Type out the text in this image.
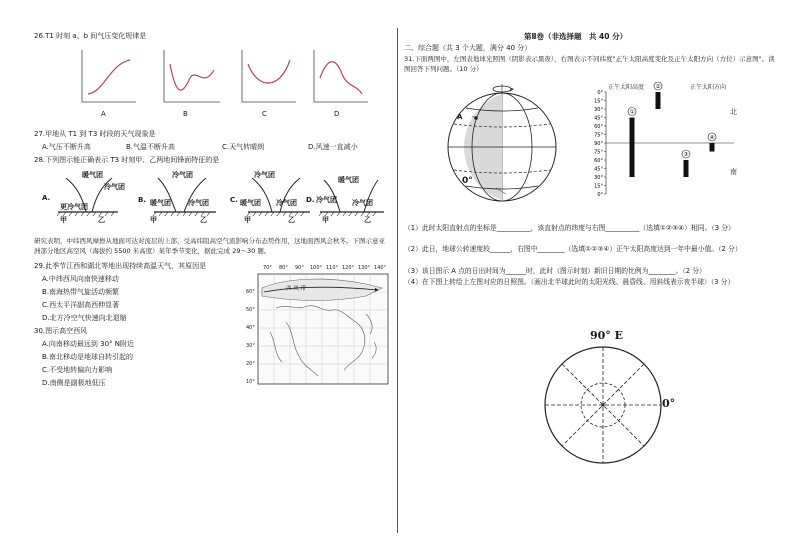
26.T1 时刻 a、b 间气压变化规律是
A	B	C	D
27.甲地从 T1 到 T3 时段的天气现象是
A.气压不断升高	B.气温不断升高	C.天气转晴朗	D.风速一直减小
28.下列图示能正确表示 T3 时刻甲、乙两地间锋面特征的是
A.	B.	C.	D.
暖气团
更冷气团
冷气团
甲	乙
冷气团
暖气团 冷气团
甲	乙
冷气团
暖气团 冷气团
甲	乙
暖气团
冷气团 冷气团
甲	乙
研究表明，中纬西风摩擦从地面可达对流层的上部，受高纬阻高空气流影响分布态势作用，这地面西风会秋冬。下图示意亚洲部分地区高空风（海拔约 5500 米高度）某年季节变化，据此完成 29～30 题。
29.此季节江西和湖北等地出现持续高温天气，其原因是
A.中纬西风向南快速移动
B.南海热带气旋活动频繁
C.西太平洋副高西伸显著
D.北方冷空气快速向北退缩
30.图示高空西风
A.向南移动最远到 30° N附近
B.南北移动是地球自转引起的
C.不受地转偏向力影响
D.南侧是副极地低压
西 风 带
70° 80° 90° 100° 110° 120° 130° 140°
60°
50°
40°
30°
20°
10°
第Ⅱ卷（非选择题　共 40 分）
二、综合题（共 3 个大题，满分 40 分）
31.下面两图中，左图表地球光照图（阴影表示黑夜），右图表示不同纬度"正午太阳高度变化及正午太阳方向（方位）示意图"。读图回答下列问题。（10 分）
A
0°
0°
15°
30°
45°
60°
75°
90°
75°
60°
45°
30°
15°
0°
①
②
③
④
正午太阳高度	正午太阳方向
北
南
（1）此时太阳直射点的坐标是__________，该直射点的纬度与右图__________（选填①②③④）相同。（3 分）
（2）此日，地球公转速度较______，右图中________（选填①②③④）正午太阳高度达到一年中最小值。（2 分）
（3）该日图示 A 点的日出时间为______时，此时（图示时刻）新旧日期的比例为________。（2 分）
（4）在下图上转绘上左图对应的日照图。（画出北半球此时的太阳光线、晨昏线、用斜线表示夜半球）（3 分）
90° E
0°
